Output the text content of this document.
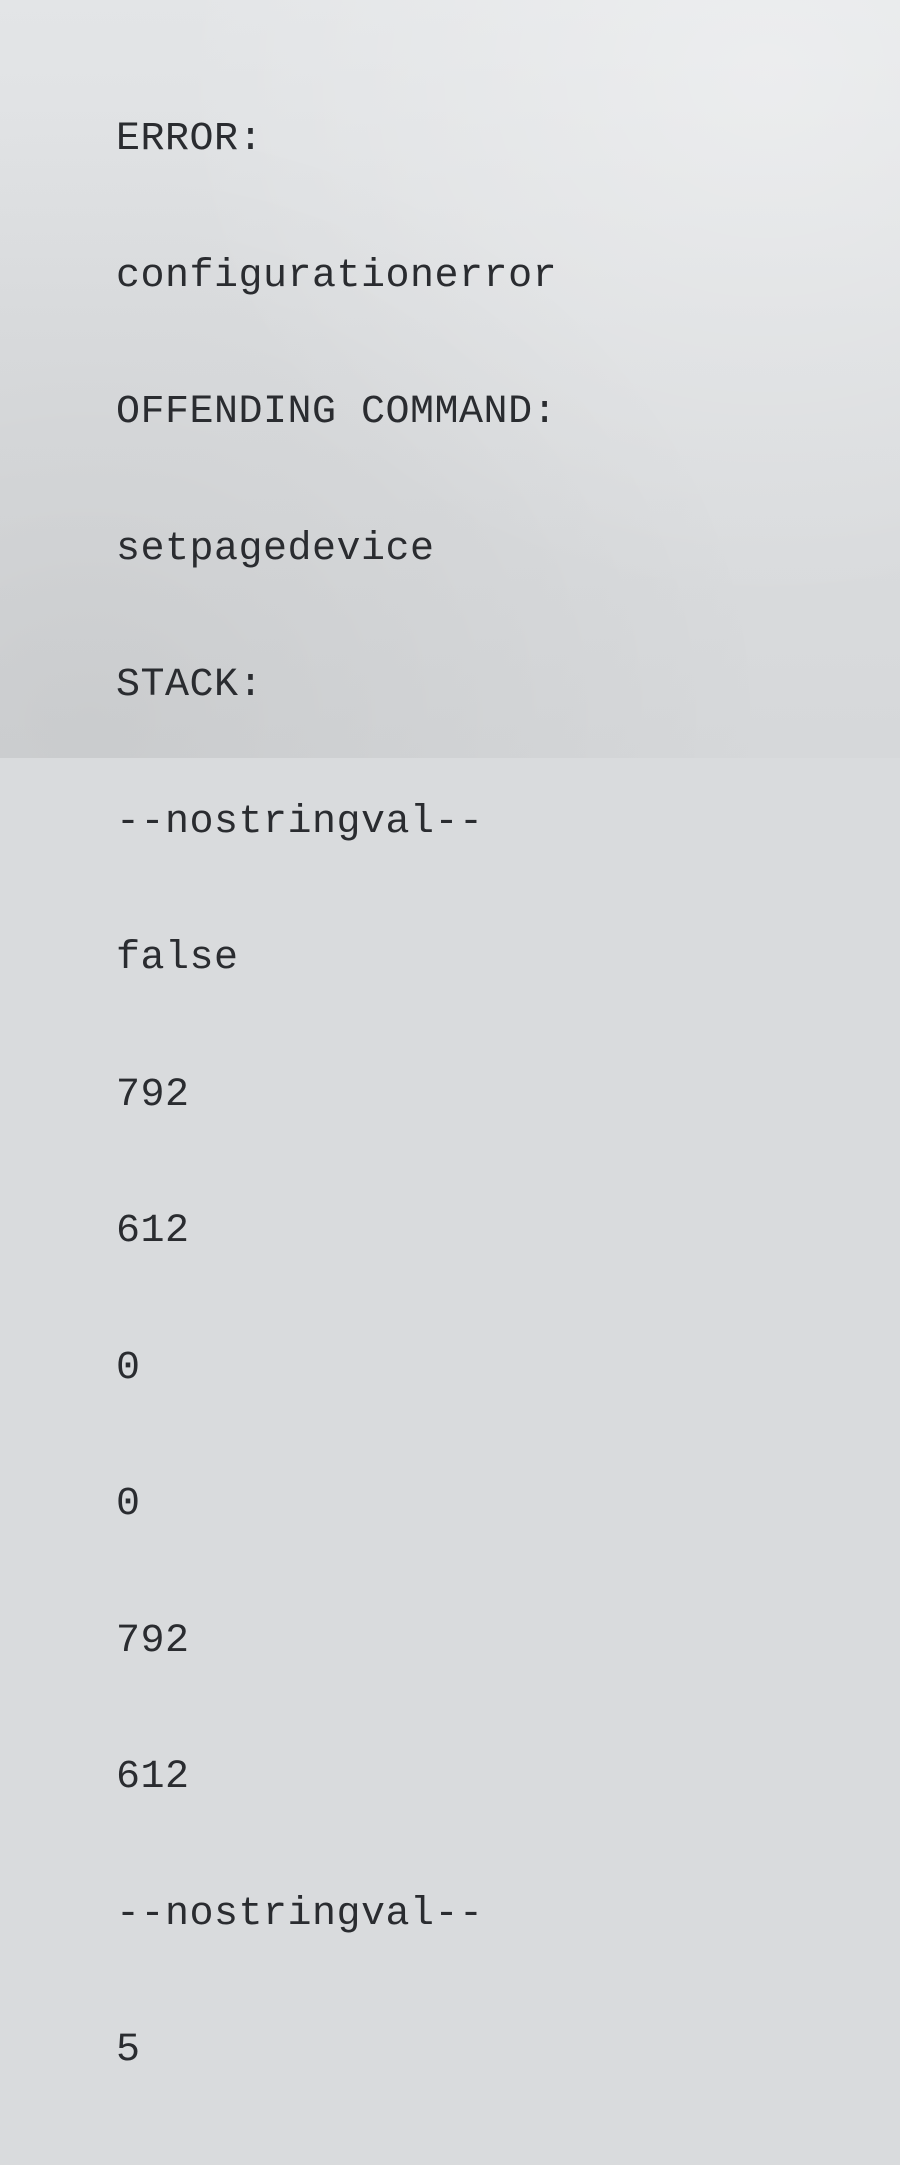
ERROR:

configurationerror

OFFENDING COMMAND:

setpagedevice

STACK:

--nostringval--

false

792

612

0

0

792

612

--nostringval--

5
